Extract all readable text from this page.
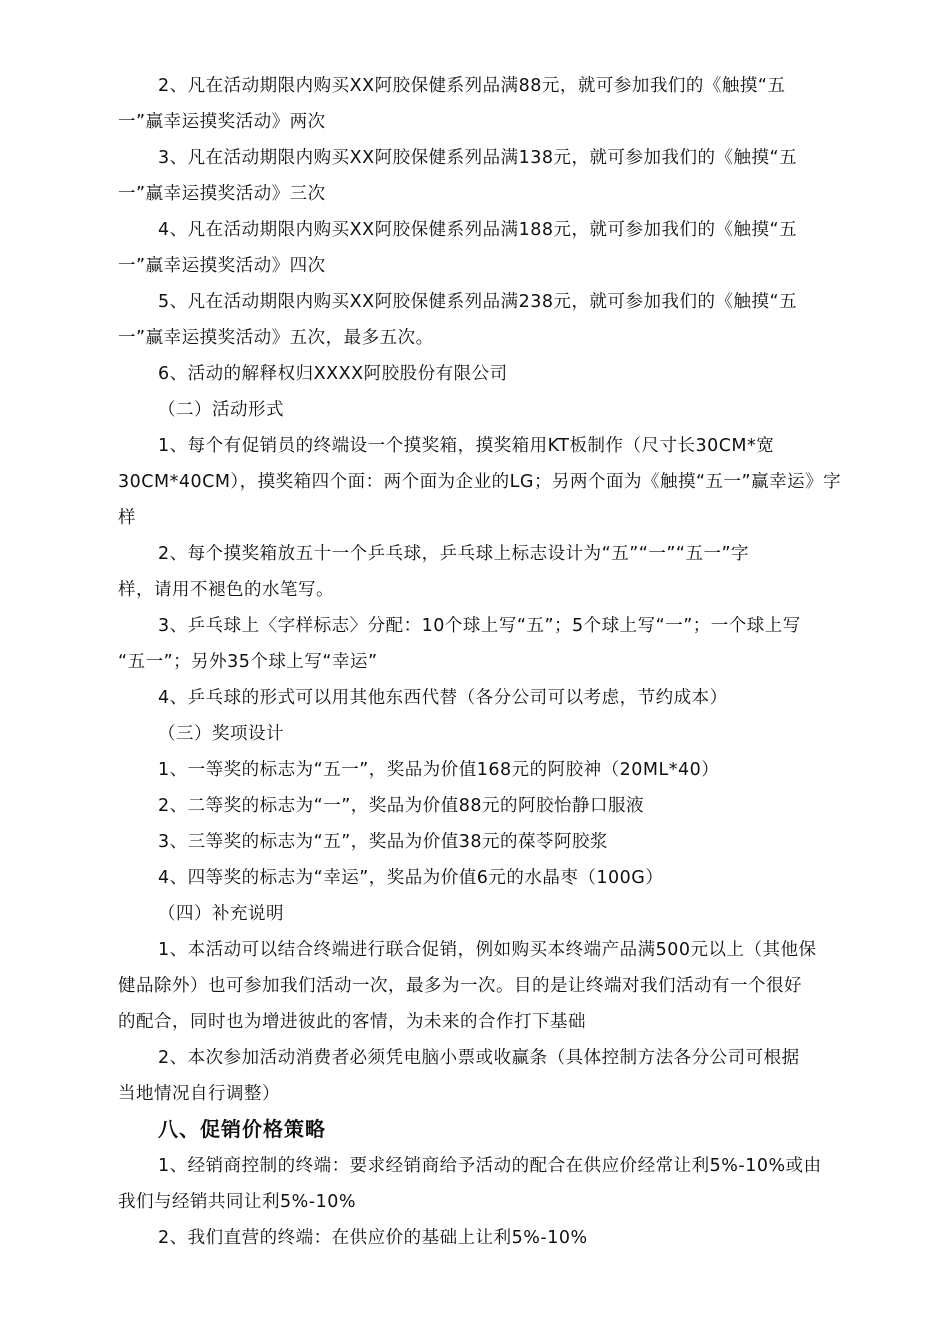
2、凡在活动期限内购买XX阿胶保健系列品满88元，就可参加我们的《触摸“五
一”赢幸运摸奖活动》两次
3、凡在活动期限内购买XX阿胶保健系列品满138元，就可参加我们的《触摸“五
一”赢幸运摸奖活动》三次
4、凡在活动期限内购买XX阿胶保健系列品满188元，就可参加我们的《触摸“五
一”赢幸运摸奖活动》四次
5、凡在活动期限内购买XX阿胶保健系列品满238元，就可参加我们的《触摸“五
一”赢幸运摸奖活动》五次，最多五次。
6、活动的解释权归XXXX阿胶股份有限公司
（二）活动形式
1、每个有促销员的终端设一个摸奖箱，摸奖箱用KT板制作（尺寸长30CM*宽
30CM*40CM），摸奖箱四个面：两个面为企业的LG；另两个面为《触摸“五一”赢幸运》字
样
2、每个摸奖箱放五十一个乒乓球，乒乓球上标志设计为“五”“一”“五一”字
样，请用不褪色的水笔写。
3、乒乓球上〈字样标志〉分配：10个球上写“五”；5个球上写“一”；一个球上写
“五一”；另外35个球上写“幸运”
4、乒乓球的形式可以用其他东西代替（各分公司可以考虑，节约成本）
（三）奖项设计
1、一等奖的标志为“五一”，奖品为价值168元的阿胶神（20ML*40）
2、二等奖的标志为“一”，奖品为价值88元的阿胶怡静口服液
3、三等奖的标志为“五”，奖品为价值38元的葆苓阿胶浆
4、四等奖的标志为“幸运”，奖品为价值6元的水晶枣（100G）
（四）补充说明
1、本活动可以结合终端进行联合促销，例如购买本终端产品满500元以上（其他保
健品除外）也可参加我们活动一次，最多为一次。目的是让终端对我们活动有一个很好
的配合，同时也为增进彼此的客情，为未来的合作打下基础
2、本次参加活动消费者必须凭电脑小票或收赢条（具体控制方法各分公司可根据
当地情况自行调整）
八、促销价格策略
1、经销商控制的终端：要求经销商给予活动的配合在供应价经常让利5%-10%或由
我们与经销共同让利5%-10%
2、我们直营的终端：在供应价的基础上让利5%-10%
